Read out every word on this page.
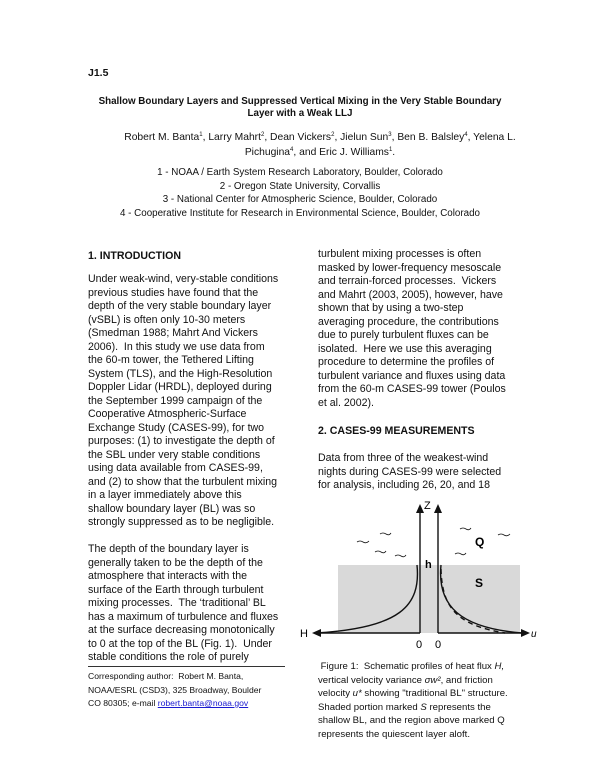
J1.5
Shallow Boundary Layers and Suppressed Vertical Mixing in the Very Stable Boundary
Layer with a Weak LLJ
Robert M. Banta$^1$, Larry Mahrt$^2$, Dean Vickers$^2$, Jielun Sun$^3$, Ben B. Balsley$^4$, Yelena L.
Pichugina$^4$, and Eric J. Williams$^1$.
1 - NOAA / Earth System Research Laboratory, Boulder, Colorado
2 - Oregon State University, Corvallis
3 - National Center for Atmospheric Science, Boulder, Colorado
4 - Cooperative Institute for Research in Environmental Science, Boulder, Colorado
1. INTRODUCTION
Under weak-wind, very-stable conditions
previous studies have found that the
depth of the very stable boundary layer
(vSBL) is often only 10-30 meters
(Smedman 1988; Mahrt And Vickers
2006).  In this study we use data from
the 60-m tower, the Tethered Lifting
System (TLS), and the High-Resolution
Doppler Lidar (HRDL), deployed during
the September 1999 campaign of the
Cooperative Atmospheric-Surface
Exchange Study (CASES-99), for two
purposes: (1) to investigate the depth of
the SBL under very stable conditions
using data available from CASES-99,
and (2) to show that the turbulent mixing
in a layer immediately above this
shallow boundary layer (BL) was so
strongly suppressed as to be negligible.
The depth of the boundary layer is
generally taken to be the depth of the
atmosphere that interacts with the
surface of the Earth through turbulent
mixing processes.  The ‘traditional’ BL
has a maximum of turbulence and fluxes
at the surface decreasing monotonically
to 0 at the top of the BL (Fig. 1).  Under
stable conditions the role of purely
Corresponding author:  Robert M. Banta,
NOAA/ESRL (CSD3), 325 Broadway, Boulder
CO 80305; e-mail robert.banta@noaa.gov
turbulent mixing processes is often
masked by lower-frequency mesoscale
and terrain-forced processes.  Vickers
and Mahrt (2003, 2005), however, have
shown that by using a two-step
averaging procedure, the contributions
due to purely turbulent fluxes can be
isolated.  Here we use this averaging
procedure to determine the profiles of
turbulent variance and fluxes using data
from the 60-m CASES-99 tower (Poulos
et al. 2002).
2. CASES-99 MEASUREMENTS
Data from three of the weakest-wind
nights during CASES-99 were selected
for analysis, including 26, 20, and 18
Z
h
Q
S
H	u
0 0
Figure 1:  Schematic profiles of heat flux H,
vertical velocity variance σw², and friction
velocity u* showing "traditional BL" structure.
Shaded portion marked S represents the
shallow BL, and the region above marked Q
represents the quiescent layer aloft.
